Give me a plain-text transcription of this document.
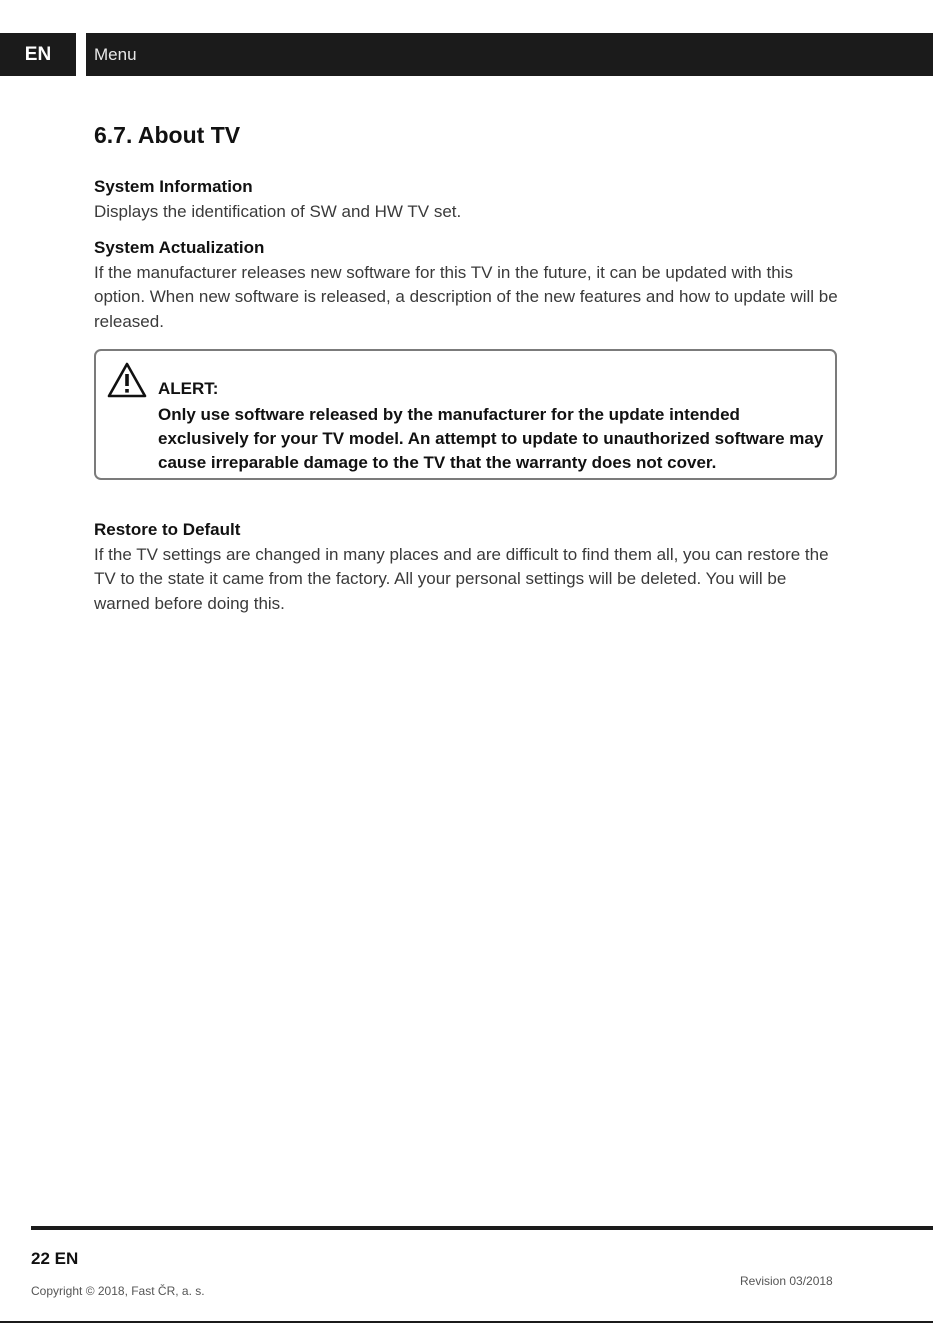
EN	Menu
6.7. About TV
System Information

Displays the identification of SW and HW TV set.

System Actualization

If the manufacturer releases new software for this TV in the future, it can be updated with this option. When new software is released, a description of the new features and how to update will be released.

ALERT:

Only use software released by the manufacturer for the update intended exclusively for your TV model. An attempt to update to unauthorized software may cause irreparable damage to the TV that the warranty does not cover.

Restore to Default

If the TV settings are changed in many places and are difficult to find them all, you can restore the TV to the state it came from the factory. All your personal settings will be deleted. You will be warned before doing this.

22 EN

Copyright © 2018, Fast ČR, a. s.

Revision 03/2018
